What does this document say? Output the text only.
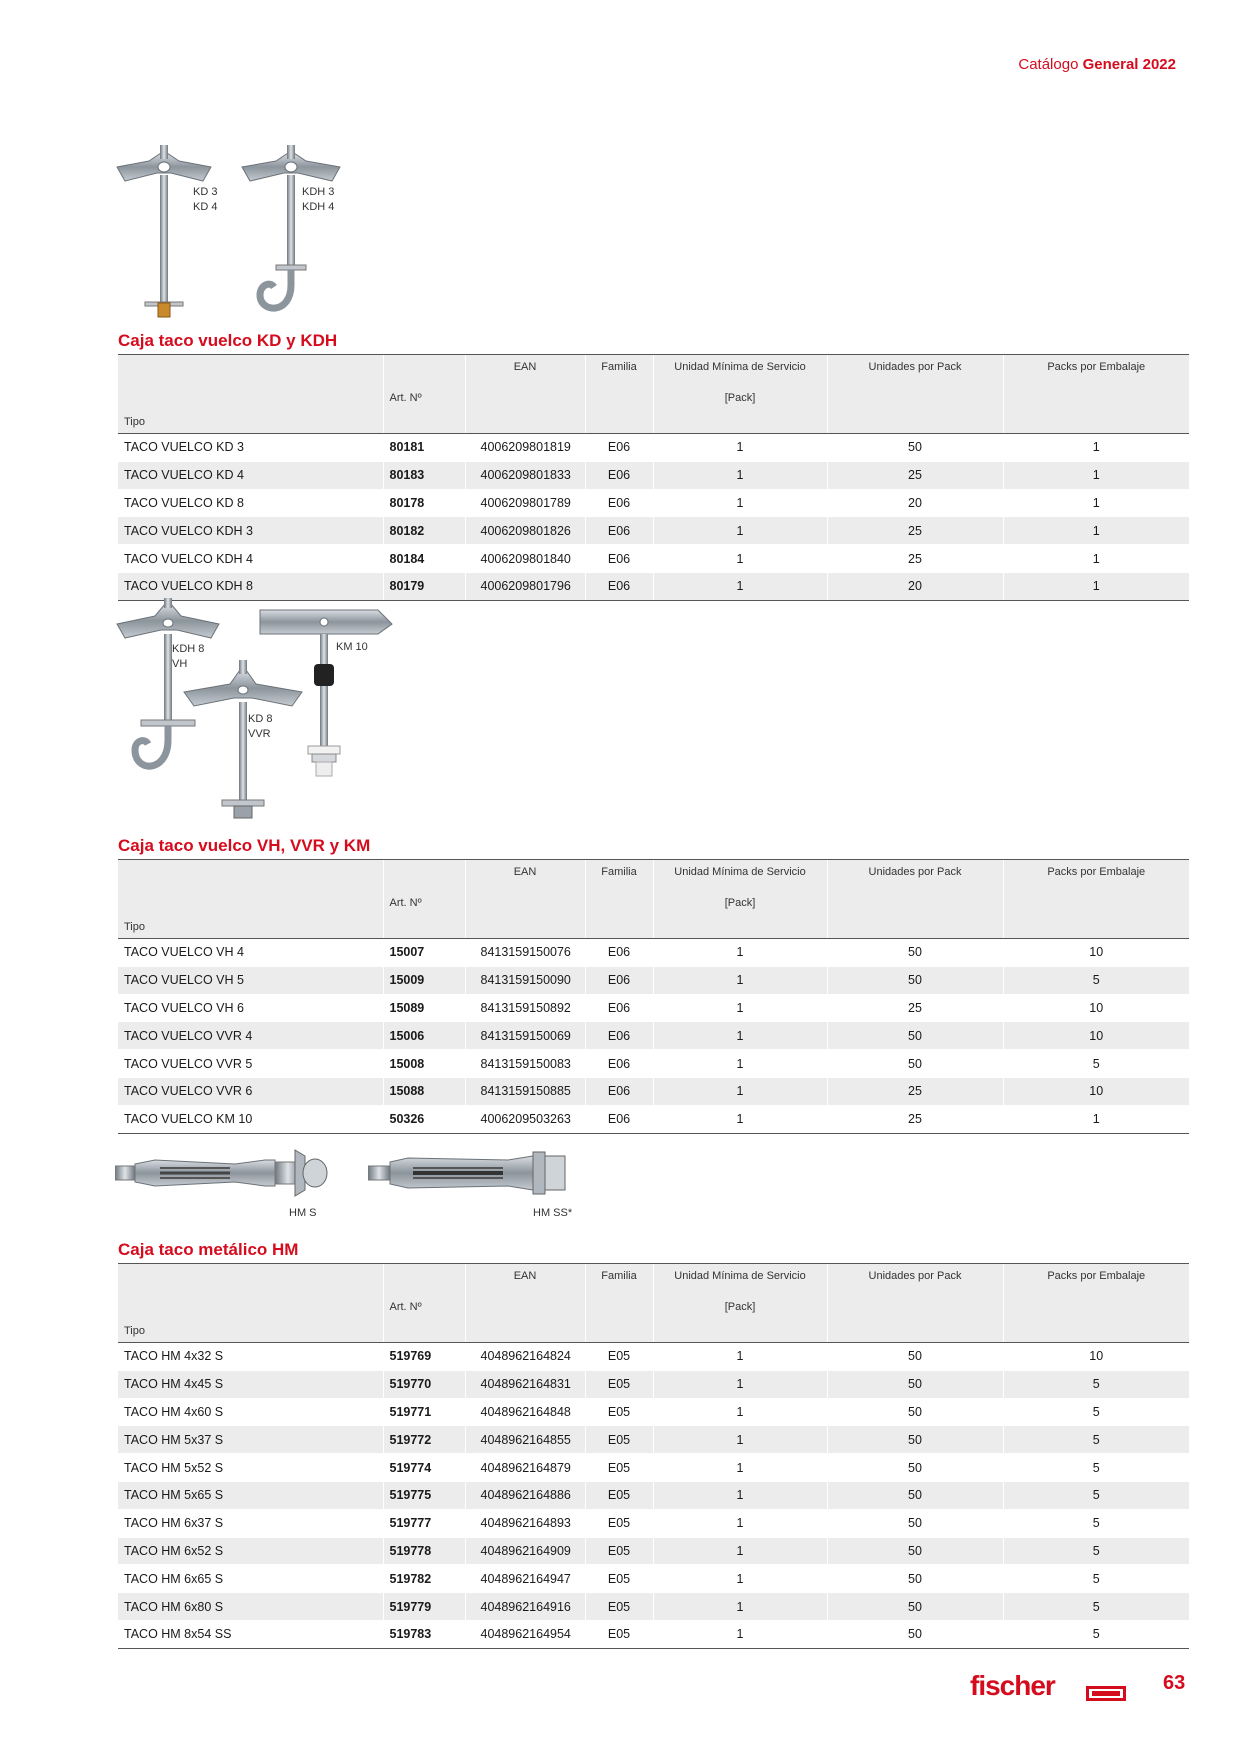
Catálogo General 2022
KD 3
KD 4
KDH 3
KDH 4
Caja taco vuelco KD y KDH
		EAN	Familia	Unidad Mínima de Servicio	Unidades por Pack	Packs por Embalaje
	Art. Nº			[Pack]		
Tipo						
TACO VUELCO KD 3	80181	4006209801819	E06	1	50	1
TACO VUELCO KD 4	80183	4006209801833	E06	1	25	1
TACO VUELCO KD 8	80178	4006209801789	E06	1	20	1
TACO VUELCO KDH 3	80182	4006209801826	E06	1	25	1
TACO VUELCO KDH 4	80184	4006209801840	E06	1	25	1
TACO VUELCO KDH 8	80179	4006209801796	E06	1	20	1
KDH 8
VH
KM 10
KD 8
VVR
Caja taco vuelco VH, VVR y KM
		EAN	Familia	Unidad Mínima de Servicio	Unidades por Pack	Packs por Embalaje
	Art. Nº			[Pack]		
Tipo						
TACO VUELCO VH 4	15007	8413159150076	E06	1	50	10
TACO VUELCO VH 5	15009	8413159150090	E06	1	50	5
TACO VUELCO VH 6	15089	8413159150892	E06	1	25	10
TACO VUELCO VVR 4	15006	8413159150069	E06	1	50	10
TACO VUELCO VVR 5	15008	8413159150083	E06	1	50	5
TACO VUELCO VVR 6	15088	8413159150885	E06	1	25	10
TACO VUELCO KM 10	50326	4006209503263	E06	1	25	1
HM S	HM SS*
Caja taco metálico HM
		EAN	Familia	Unidad Mínima de Servicio	Unidades por Pack	Packs por Embalaje
	Art. Nº			[Pack]		
Tipo						
TACO HM 4x32 S	519769	4048962164824	E05	1	50	10
TACO HM 4x45 S	519770	4048962164831	E05	1	50	5
TACO HM 4x60 S	519771	4048962164848	E05	1	50	5
TACO HM 5x37 S	519772	4048962164855	E05	1	50	5
TACO HM 5x52 S	519774	4048962164879	E05	1	50	5
TACO HM 5x65 S	519775	4048962164886	E05	1	50	5
TACO HM 6x37 S	519777	4048962164893	E05	1	50	5
TACO HM 6x52 S	519778	4048962164909	E05	1	50	5
TACO HM 6x65 S	519782	4048962164947	E05	1	50	5
TACO HM 6x80 S	519779	4048962164916	E05	1	50	5
TACO HM 8x54 SS	519783	4048962164954	E05	1	50	5
fischer	63
